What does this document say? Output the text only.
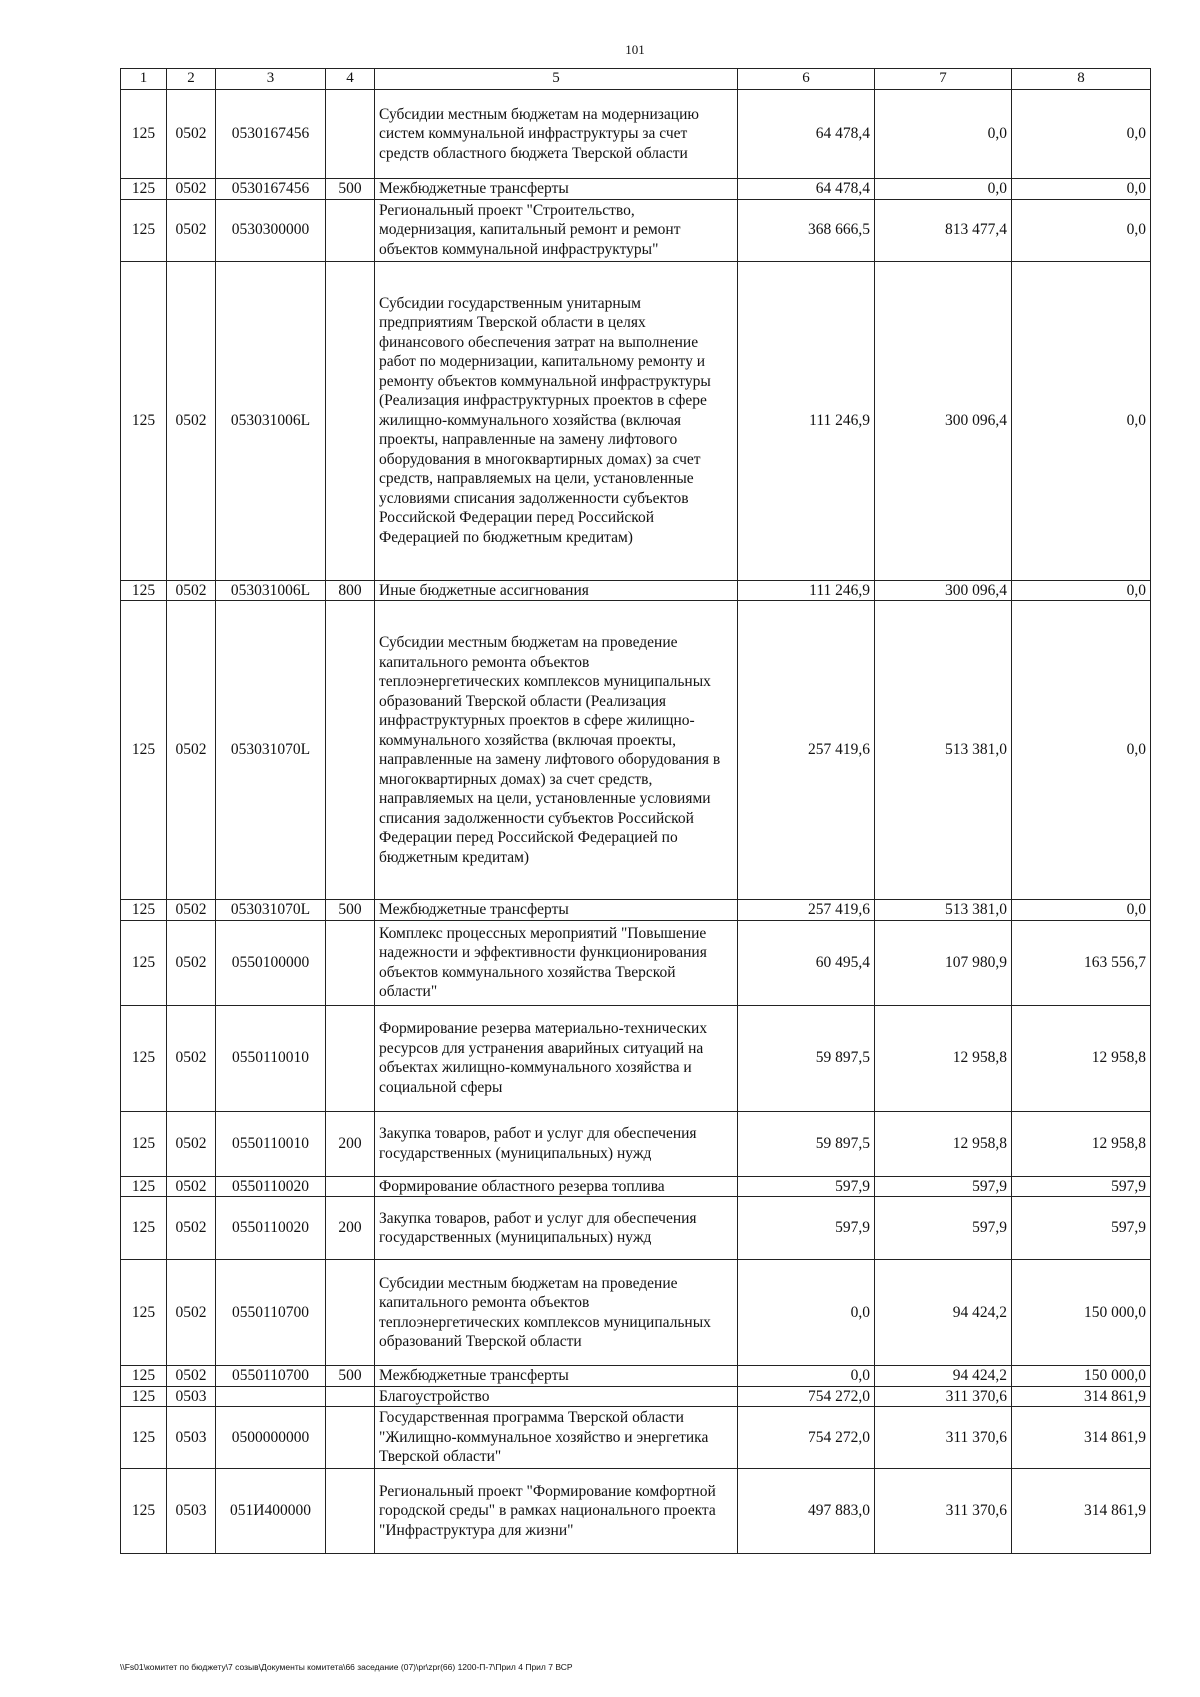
101
1	2	3	4	5	6	7	8
125	0502	0530167456		Субсидии местным бюджетам на модернизацию систем коммунальной инфраструктуры за счет средств областного бюджета Тверской области	64 478,4	0,0	0,0
125	0502	0530167456	500	Межбюджетные трансферты	64 478,4	0,0	0,0
125	0502	0530300000		Региональный проект "Строительство, модернизация, капитальный ремонт и ремонт объектов коммунальной инфраструктуры"	368 666,5	813 477,4	0,0
125	0502	053031006L		Субсидии государственным унитарным предприятиям Тверской области в целях финансового обеспечения затрат на выполнение работ по модернизации, капитальному ремонту и ремонту объектов коммунальной инфраструктуры (Реализация инфраструктурных проектов в сфере жилищно-коммунального хозяйства (включая проекты, направленные на замену лифтового оборудования в многоквартирных домах) за счет средств, направляемых на цели, установленные условиями списания задолженности субъектов Российской Федерации перед Российской Федерацией по бюджетным кредитам)	111 246,9	300 096,4	0,0
125	0502	053031006L	800	Иные бюджетные ассигнования	111 246,9	300 096,4	0,0
125	0502	053031070L		Субсидии местным бюджетам на проведение капитального ремонта объектов теплоэнергетических комплексов муниципальных образований Тверской области (Реализация инфраструктурных проектов в сфере жилищно-коммунального хозяйства (включая проекты, направленные на замену лифтового оборудования в многоквартирных домах) за счет средств, направляемых на цели, установленные условиями списания задолженности субъектов Российской Федерации перед Российской Федерацией по бюджетным кредитам)	257 419,6	513 381,0	0,0
125	0502	053031070L	500	Межбюджетные трансферты	257 419,6	513 381,0	0,0
125	0502	0550100000		Комплекс процессных мероприятий "Повышение надежности и эффективности функционирования объектов коммунального хозяйства Тверской области"	60 495,4	107 980,9	163 556,7
125	0502	0550110010		Формирование резерва материально-технических ресурсов для устранения аварийных ситуаций на объектах жилищно-коммунального хозяйства и социальной сферы	59 897,5	12 958,8	12 958,8
125	0502	0550110010	200	Закупка товаров, работ и услуг для обеспечения государственных (муниципальных) нужд	59 897,5	12 958,8	12 958,8
125	0502	0550110020		Формирование областного резерва топлива	597,9	597,9	597,9
125	0502	0550110020	200	Закупка товаров, работ и услуг для обеспечения государственных (муниципальных) нужд	597,9	597,9	597,9
125	0502	0550110700		Субсидии местным бюджетам на проведение капитального ремонта объектов теплоэнергетических комплексов муниципальных образований Тверской области	0,0	94 424,2	150 000,0
125	0502	0550110700	500	Межбюджетные трансферты	0,0	94 424,2	150 000,0
125	0503			Благоустройство	754 272,0	311 370,6	314 861,9
125	0503	0500000000		Государственная программа Тверской области "Жилищно-коммунальное хозяйство и энергетика Тверской области"	754 272,0	311 370,6	314 861,9
125	0503	051И400000		Региональный проект "Формирование комфортной городской среды" в рамках национального проекта "Инфраструктура для жизни"	497 883,0	311 370,6	314 861,9
\\Fs01\комитет по бюджету\7 созыв\Документы комитета\66 заседание (07)\pr\zpr(66) 1200-П-7\Прил 4 Прил 7 ВСР
